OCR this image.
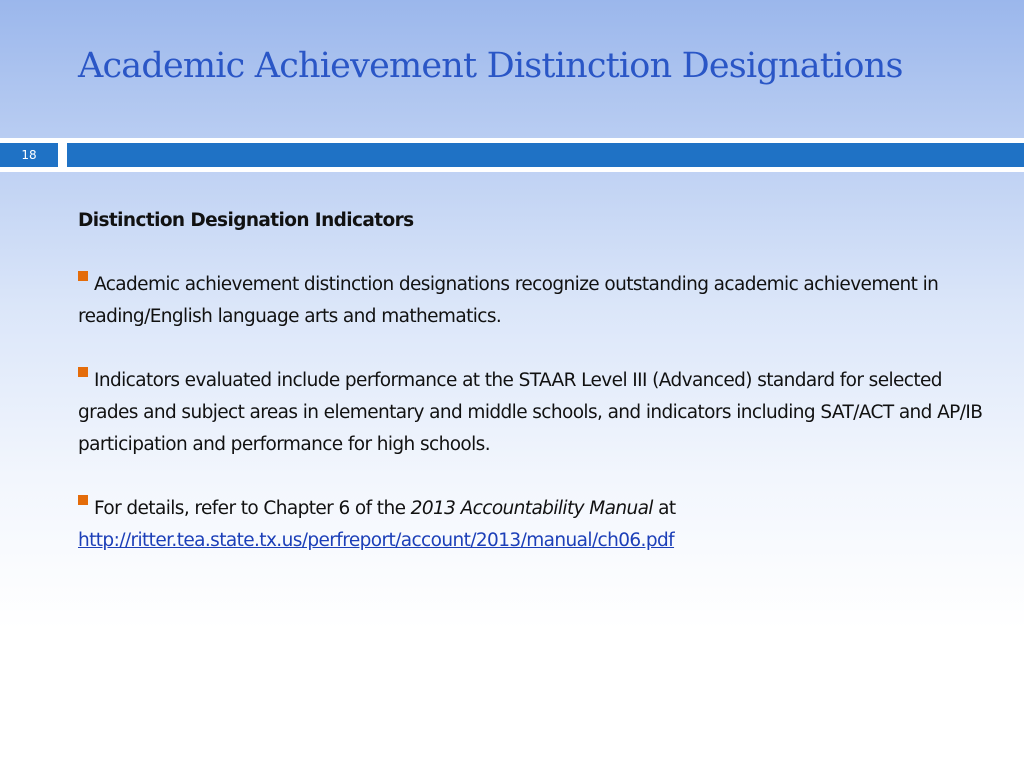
Academic Achievement Distinction Designations
18
Distinction Designation Indicators
Academic achievement distinction designations recognize outstanding academic achievement in reading/English language arts and mathematics.
Indicators evaluated include performance at the STAAR Level III (Advanced) standard for selected grades and subject areas in elementary and middle schools, and indicators including SAT/ACT and AP/IB participation and performance for high schools.
For details, refer to Chapter 6 of the 2013 Accountability Manual at
http://ritter.tea.state.tx.us/perfreport/account/2013/manual/ch06.pdf
